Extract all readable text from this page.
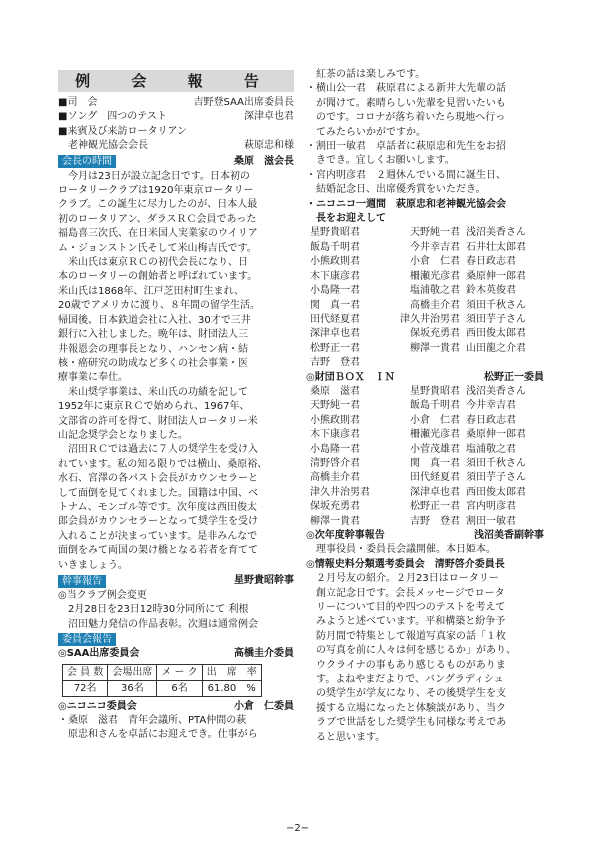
例 会 報 告
■司　会	吉野登SAA出席委員長
■ソング　四つのテスト	深津卓也君
■来賓及び来訪ロータリアン
　老神観光協会会長	萩原忠和様
会長の時間	桑原　滋会長
　今月は23日が設立記念日です。日本初の
ロータリークラブは1920年東京ロータリー
クラブ。この誕生に尽力したのが、日本人最
初のロータリアン、ダラスＲＣ会員であった
福島喜三次氏、在日米国人実業家のウイリア
ム・ジョンストン氏そして米山梅吉氏です。
　米山氏は東京ＲＣの初代会長になり、日
本のロータリーの創始者と呼ばれています。
米山氏は1868年、江戸芝田村町生まれ、
20歳でアメリカに渡り、８年間の留学生活。
帰国後、日本鉄道会社に入社、30才で三井
銀行に入社しました。晩年は、財団法人三
井報恩会の理事長となり、ハンセン病・結
核・癌研究の助成など多くの社会事業・医
療事業に奉仕。
　米山奨学事業は、米山氏の功績を記して
1952年に東京ＲＣで始められ、1967年、
文部省の許可を得て、財団法人ロータリー米
山記念奨学会となりました。
　沼田ＲＣでは過去に７人の奨学生を受け入
れています。私の知る限りでは横山、桑原裕、
水石、宮澤の各パスト会長がカウンセラーと
して面倒を見てくれました。国籍は中国、ベ
トナム、モンゴル等です。次年度は西田俊太
郎会員がカウンセラーとなって奨学生を受け
入れることが決まっています。是非みんなで
面倒をみて両国の架け橋となる若者を育てて
いきましょう。
幹事報告	星野貴昭幹事
◎当クラブ例会変更
　2月28日を23日12時30分同所にて 利根
　沼田魅力発信の作品表彰。次週は通常例会
委員会報告
◎SAA出席委員会	高橋圭介委員
会 員 数	会場出席	メ ー ク	出　席　率
72名	36名	6名	61.80　%
◎ニコニコ委員会	小倉　仁委員
・桑原　滋君　青年会議所、PTA仲間の萩
　原忠和さんを卓話にお迎えでき。仕事がら
　紅茶の話は楽しみです。
・横山公一君　萩原君による新井大先輩の話
　が聞けて。素晴らしい先輩を見習いたいも
　のです。コロナが落ち着いたら現地へ行っ
　てみたらいかがですか。
・割田一敏君　卓話者に萩原忠和先生をお招
　きでき。宜しくお願いします。
・宮内明彦君　２週休んでいる間に誕生日、
　結婚記念日、出席優秀賞をいただき。
・ニコニコ一週間　萩原忠和老神観光協会会
　長をお迎えして
星野貴昭君	天野純一君 浅沼美香さん
飯島千明君	今井幸吉君 石井壮太郎君
小熊政則君	小倉　仁君 春日政志君
木下康彦君	柵瀬光彦君 桑原伸一郎君
小島隆一君	塩浦敬之君 鈴木英俊君
関　真一君	高橋圭介君 須田千秋さん
田代経夏君	津久井治男君 須田芋子さん
深津卓也君	保坂充勇君 西田俊太郎君
松野正一君	柳澤一貴君 山田龍之介君
吉野　登君
◎財団ＢＯＸ　ＩＮ	松野正一委員
桑原　滋君	星野貴昭君 浅沼美香さん
天野純一君	飯島千明君 今井幸吉君
小熊政則君	小倉　仁君 春日政志君
木下康彦君	柵瀬光彦君 桑原伸一郎君
小島隆一君	小菅茂雄君 塩浦敬之君
清野啓介君	関　真一君 須田千秋さん
高橋圭介君	田代経夏君 須田芋子さん
津久井治男君	深津卓也君 西田俊太郎君
保坂充勇君	松野正一君 宮内明彦君
柳澤一貴君	吉野　登君 割田一敏君
◎次年度幹事報告	浅沼美香副幹事
　理事役員・委員長会議開催。本日姫本。
◎情報史料分類選考委員会　清野啓介委員長
　２月号友の紹介。２月23日はロータリー
　創立記念日です。会長メッセージでロータ
　リーについて目的や四つのテストを考えて
　みようと述べています。平和構築と紛争予
　防月間で特集として報道写真家の話「１枚
　の写真を前に人々は何を感じるか」があり、
　ウクライナの事もあり感じるものがありま
　す。よねやまだよりで、バングラディシュ
　の奨学生が学友になり、その後奨学生を支
　援する立場になったと体験談があり、当ク
　ラブで世話をした奨学生も同様な考えであ
　ると思います。
−2−
